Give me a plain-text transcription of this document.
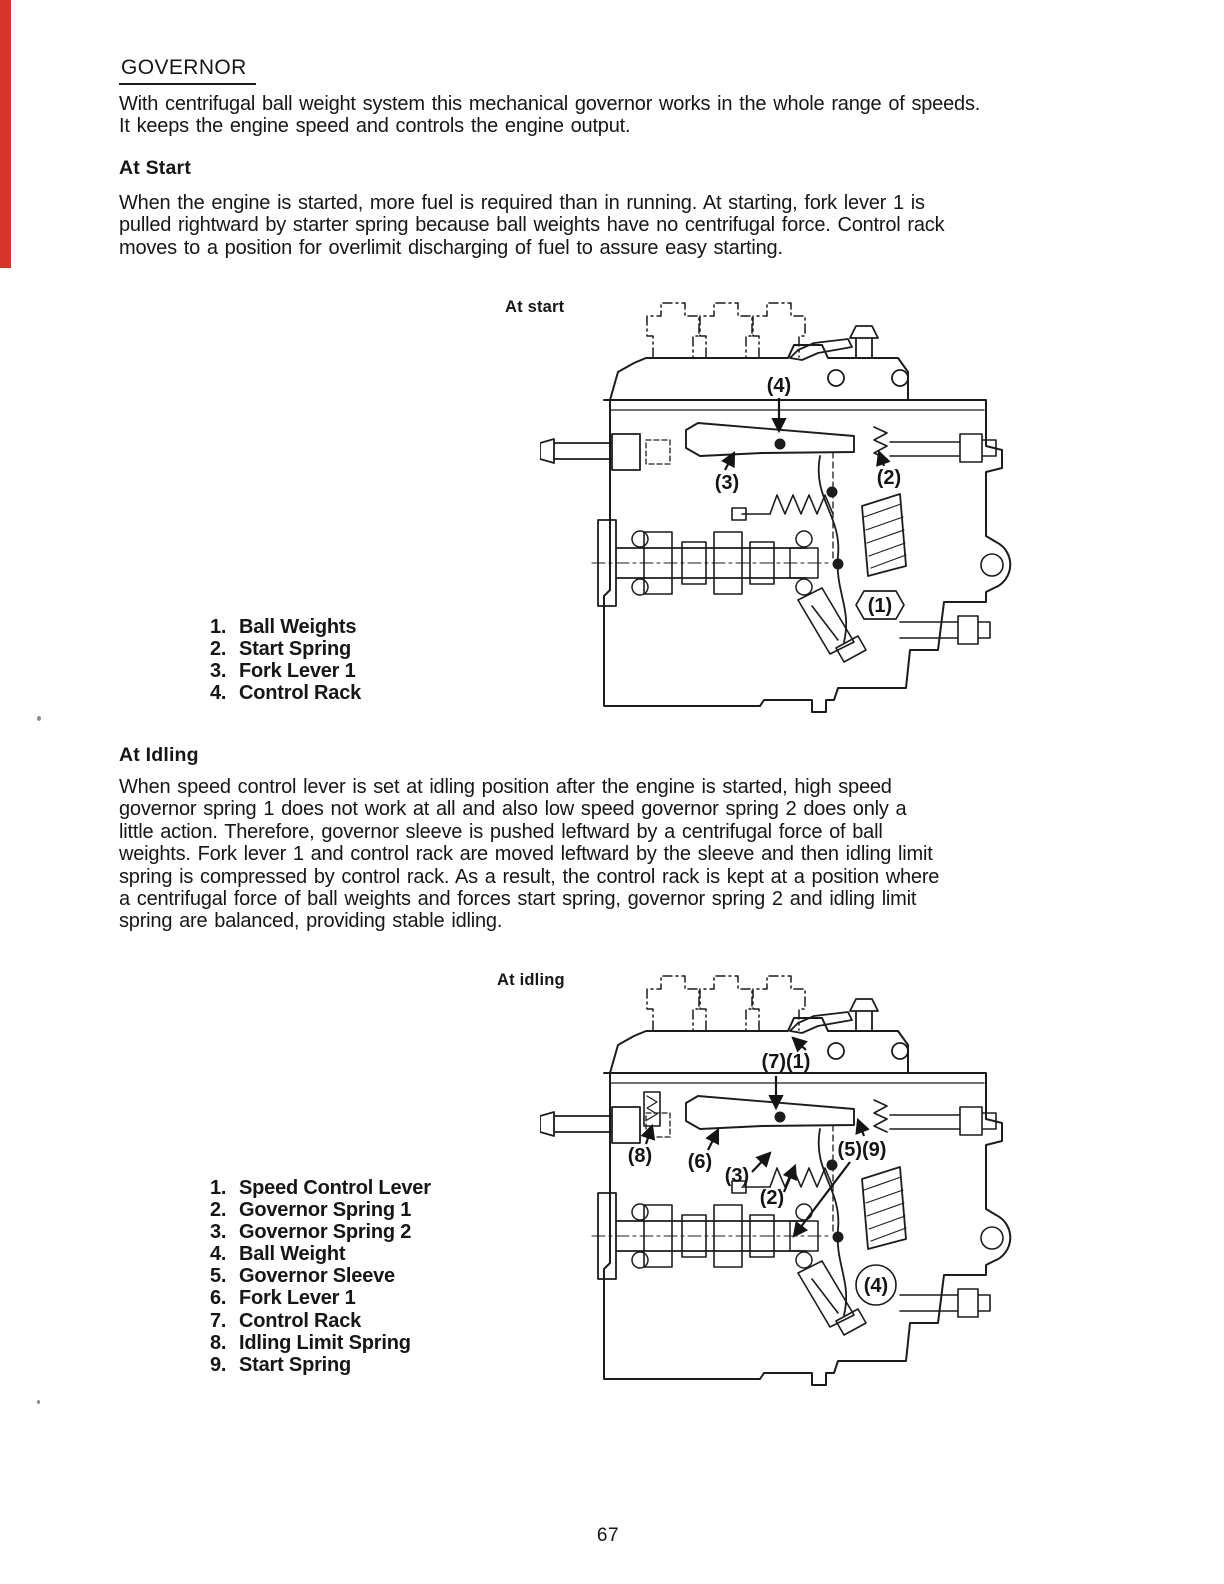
GOVERNOR
With centrifugal ball weight system this mechanical governor works in the whole range of speeds.
It keeps the engine speed and controls the engine output.
At Start
When the engine is started, more fuel is required than in running. At starting, fork lever 1 is
pulled rightward by starter spring because ball weights have no centrifugal force. Control rack
moves to a position for overlimit discharging of fuel to assure easy starting.
At start
(4)
(3)	(2)
(1)
1. Ball Weights
2. Start Spring
3. Fork Lever 1
4. Control Rack
At Idling
When speed control lever is set at idling position after the engine is started, high speed
governor spring 1 does not work at all and also low speed governor spring 2 does only a
little action. Therefore, governor sleeve is pushed leftward by a centrifugal force of ball
weights. Fork lever 1 and control rack are moved leftward by the sleeve and then idling limit
spring is compressed by control rack. As a result, the control rack is kept at a position where
a centrifugal force of ball weights and forces start spring, governor spring 2 and idling limit
spring are balanced, providing stable idling.
At idling
(7)(1)
(8) (6)
(3)
(2)
(5)(9)
(4)
1. Speed Control Lever
2. Governor Spring 1
3. Governor Spring 2
4. Ball Weight
5. Governor Sleeve
6. Fork Lever 1
7. Control Rack
8. Idling Limit Spring
9. Start Spring
67
